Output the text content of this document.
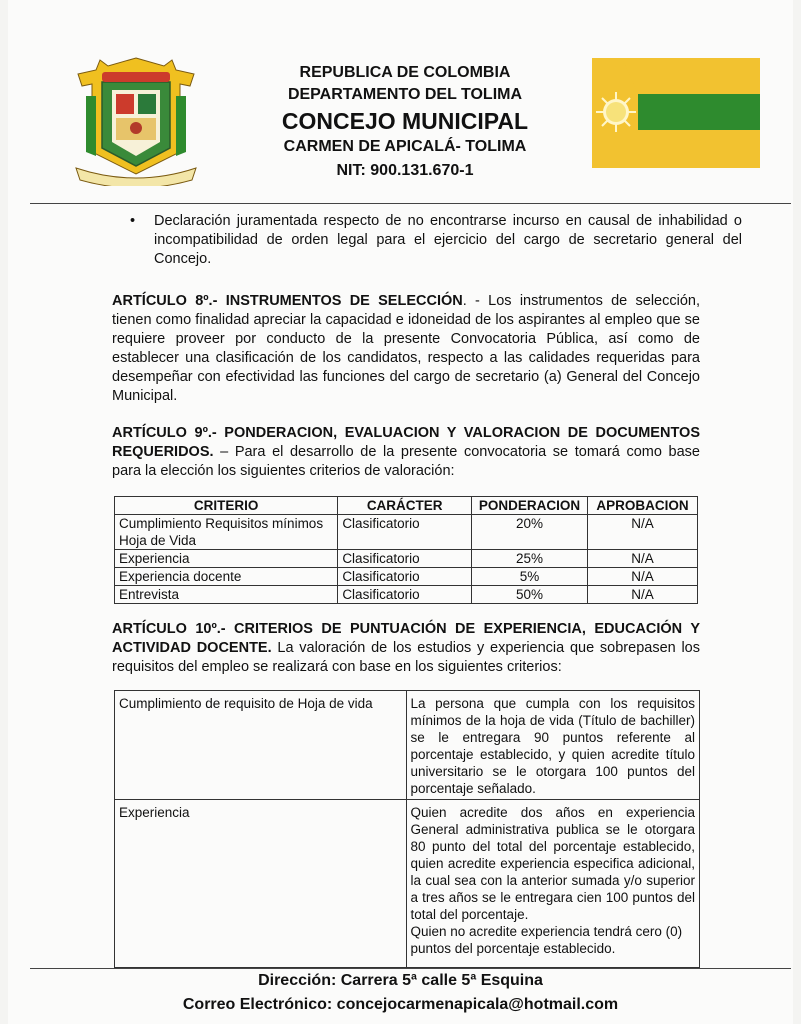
REPUBLICA DE COLOMBIA
DEPARTAMENTO DEL TOLIMA
CONCEJO MUNICIPAL
CARMEN DE APICALÁ- TOLIMA
NIT: 900.131.670-1
• Declaración juramentada respecto de no encontrarse incurso en causal de inhabilidad o incompatibilidad de orden legal para el ejercicio del cargo de secretario general del Concejo.
ARTÍCULO 8º.- INSTRUMENTOS DE SELECCIÓN. - Los instrumentos de selección, tienen como finalidad apreciar la capacidad e idoneidad de los aspirantes al empleo que se requiere proveer por conducto de la presente Convocatoria Pública, así como de establecer una clasificación de los candidatos, respecto a las calidades requeridas para desempeñar con efectividad las funciones del cargo de secretario (a) General del Concejo Municipal.
ARTÍCULO 9º.- PONDERACION, EVALUACION Y VALORACION DE DOCUMENTOS REQUERIDOS. – Para el desarrollo de la presente convocatoria se tomará como base para la elección los siguientes criterios de valoración:
CRITERIO	CARÁCTER	PONDERACION	APROBACION
Cumplimiento Requisitos mínimos Hoja de Vida	Clasificatorio	20%	N/A
Experiencia	Clasificatorio	25%	N/A
Experiencia docente	Clasificatorio	5%	N/A
Entrevista	Clasificatorio	50%	N/A
ARTÍCULO 10º.- CRITERIOS DE PUNTUACIÓN DE EXPERIENCIA, EDUCACIÓN Y ACTIVIDAD DOCENTE. La valoración de los estudios y experiencia que sobrepasen los requisitos del empleo se realizará con base en los siguientes criterios:
Cumplimiento de requisito de Hoja de vida	La persona que cumpla con los requisitos mínimos de la hoja de vida (Título de bachiller) se le entregara 90 puntos referente al porcentaje establecido, y quien acredite título universitario se le otorgara 100 puntos del porcentaje señalado.
Experiencia	Quien acredite dos años en experiencia General administrativa publica se le otorgara 80 punto del total del porcentaje establecido, quien acredite experiencia especifica adicional, la cual sea con la anterior sumada y/o superior a tres años se le entregara cien 100 puntos del total del porcentaje.
Quien no acredite experiencia tendrá cero (0) puntos del porcentaje establecido.
Dirección: Carrera 5ª calle 5ª Esquina
Correo Electrónico: concejocarmenapicala@hotmail.com
